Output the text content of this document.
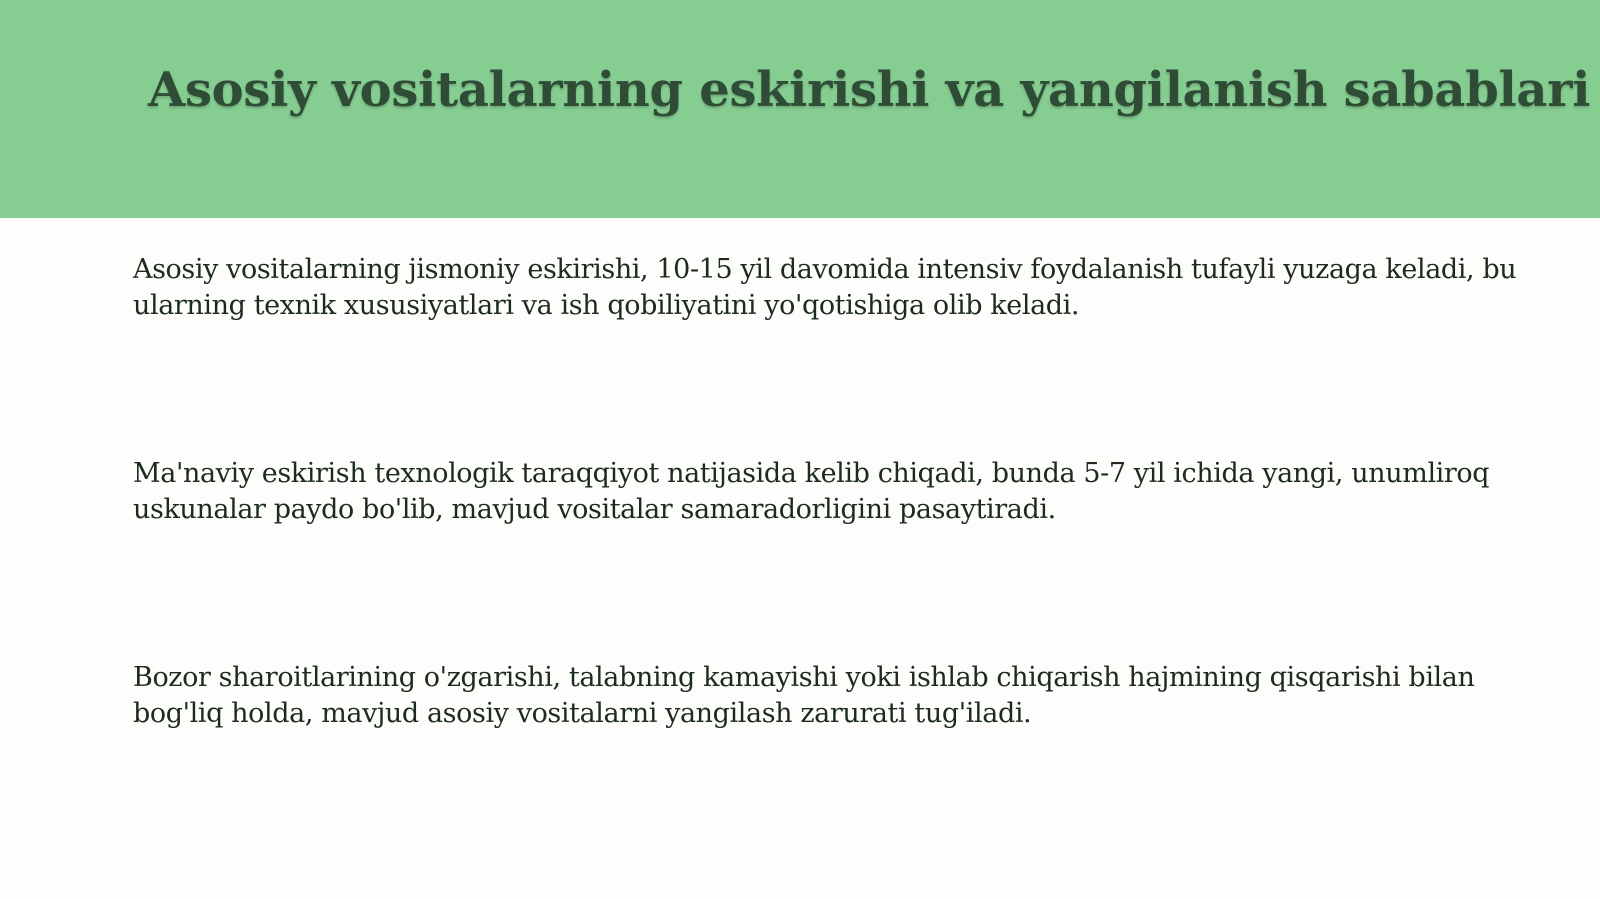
Asosiy vositalarning eskirishi va yangilanish sabablari

Asosiy vositalarning jismoniy eskirishi, 10-15 yil davomida intensiv foydalanish tufayli yuzaga keladi, bu ularning texnik xususiyatlari va ish qobiliyatini yo'qotishiga olib keladi.

Ma'naviy eskirish texnologik taraqqiyot natijasida kelib chiqadi, bunda 5-7 yil ichida yangi, unumliroq uskunalar paydo bo'lib, mavjud vositalar samaradorligini pasaytiradi.

Bozor sharoitlarining o'zgarishi, talabning kamayishi yoki ishlab chiqarish hajmining qisqarishi bilan bog'liq holda, mavjud asosiy vositalarni yangilash zarurati tug'iladi.
